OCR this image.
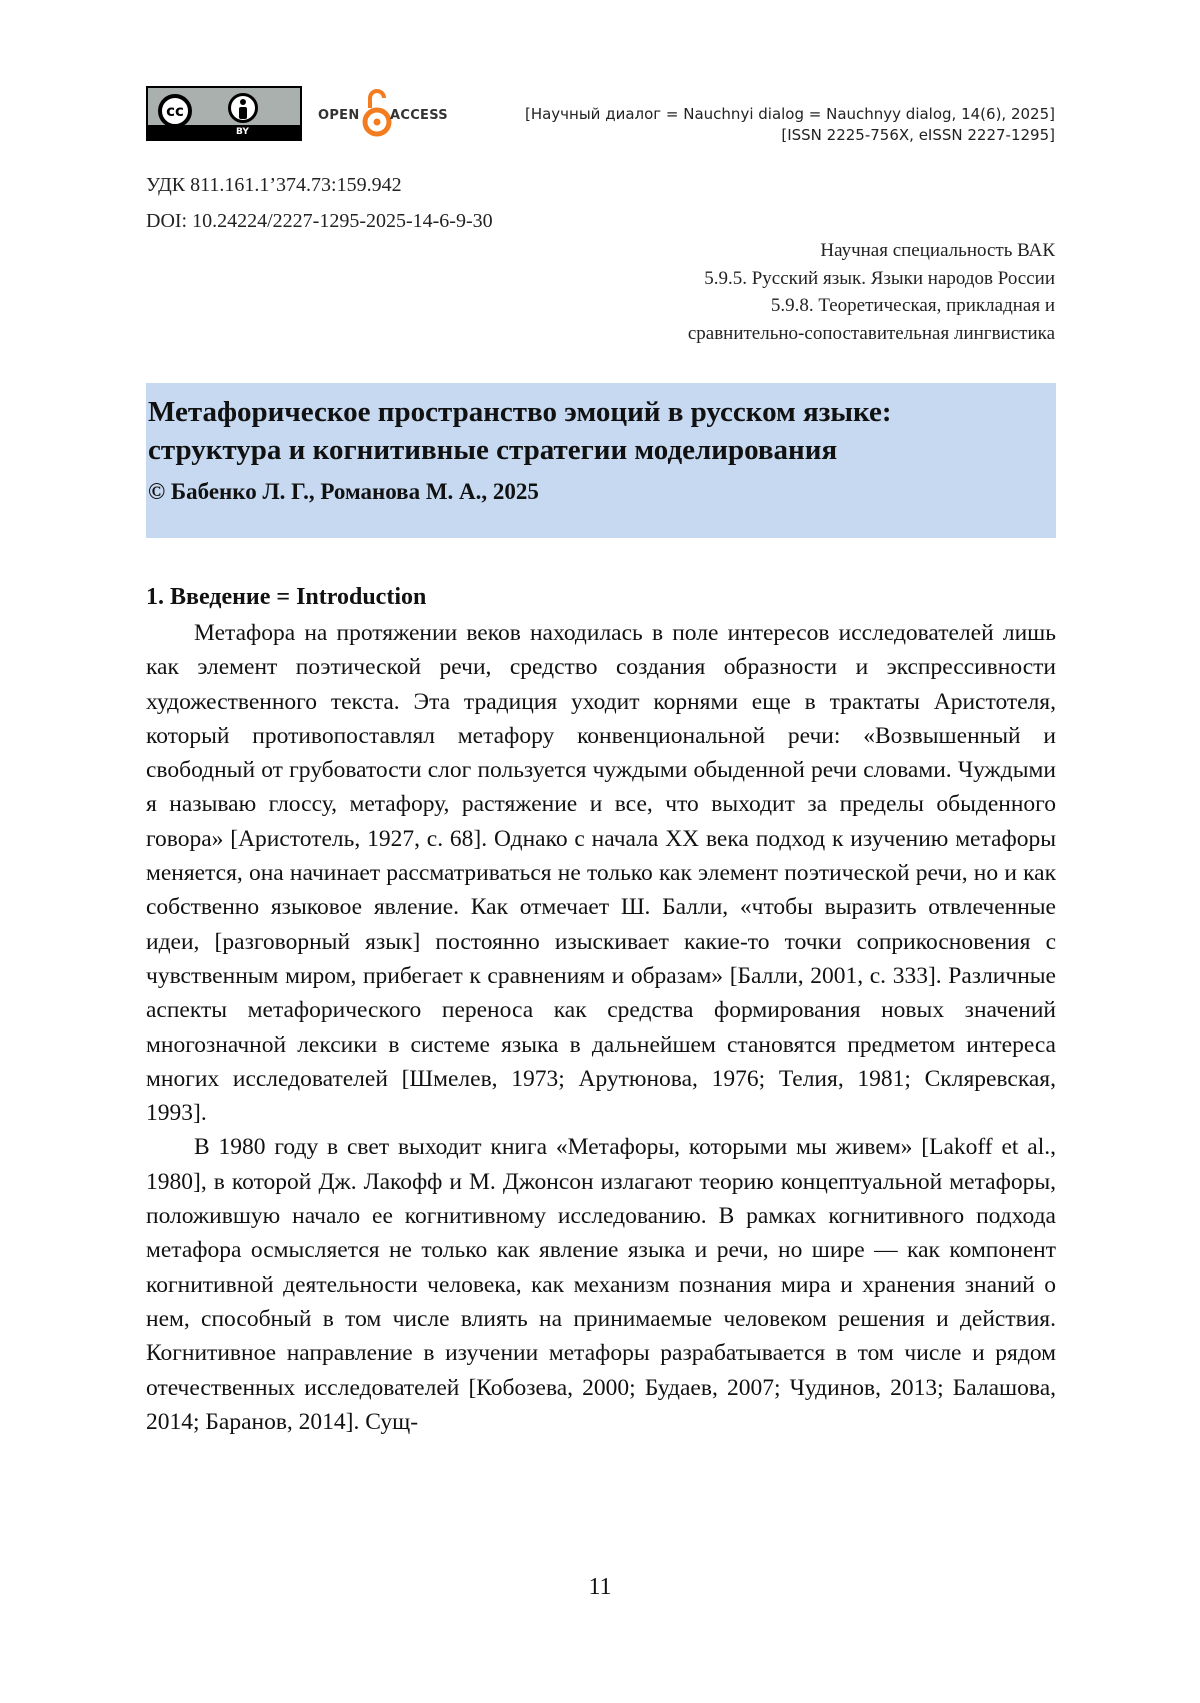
cc
BY
OPEN ACCESS	[Научный диалог = Nauchnyi dialog = Nauchnyy dialog, 14(6), 2025]
[ISSN 2225-756X, eISSN 2227-1295]
УДК 811.161.1’374.73:159.942
DOI: 10.24224/2227-1295-2025-14-6-9-30
Научная специальность ВАК
5.9.5. Русский язык. Языки народов России
5.9.8. Теоретическая, прикладная и
сравнительно-сопоставительная лингвистика
Метафорическое пространство эмоций в русском языке:
структура и когнитивные стратегии моделирования
© Бабенко Л. Г., Романова М. А., 2025
1. Введение = Introduction

Метафора на протяжении веков находилась в поле интересов исследователей лишь как элемент поэтической речи, средство создания образности и экспрессивности художественного текста. Эта традиция уходит корнями еще в трактаты Аристотеля, который противопоставлял метафору конвенциональной речи: «Возвышенный и свободный от грубоватости слог пользуется чуждыми обыденной речи словами. Чуждыми я называю глоссу, метафору, растяжение и все, что выходит за пределы обыденного говора» [Аристотель, 1927, с. 68]. Однако с начала XX века подход к изучению метафоры меняется, она начинает рассматриваться не только как элемент поэтической речи, но и как собственно языковое явление. Как отмечает Ш. Балли, «чтобы выразить отвлеченные идеи, [разговорный язык] постоянно изыскивает какие-то точки соприкосновения с чувственным миром, прибегает к сравнениям и образам» [Балли, 2001, с. 333]. Различные аспекты метафорического переноса как средства формирования новых значений многозначной лексики в системе языка в дальнейшем становятся предметом интереса многих исследователей [Шмелев, 1973; Арутюнова, 1976; Телия, 1981; Скляревская, 1993].

В 1980 году в свет выходит книга «Метафоры, которыми мы живем» [Lakoff et al., 1980], в которой Дж. Лакофф и М. Джонсон излагают теорию концептуальной метафоры, положившую начало ее когнитивному исследованию. В рамках когнитивного подхода метафора осмысляется не только как явление языка и речи, но шире — как компонент когнитивной деятельности человека, как механизм познания мира и хранения знаний о нем, способный в том числе влиять на принимаемые человеком решения и действия. Когнитивное направление в изучении метафоры разрабатывается в том числе и рядом отечественных исследователей [Кобозева, 2000; Будаев, 2007; Чудинов, 2013; Балашова, 2014; Баранов, 2014]. Сущ-

11
